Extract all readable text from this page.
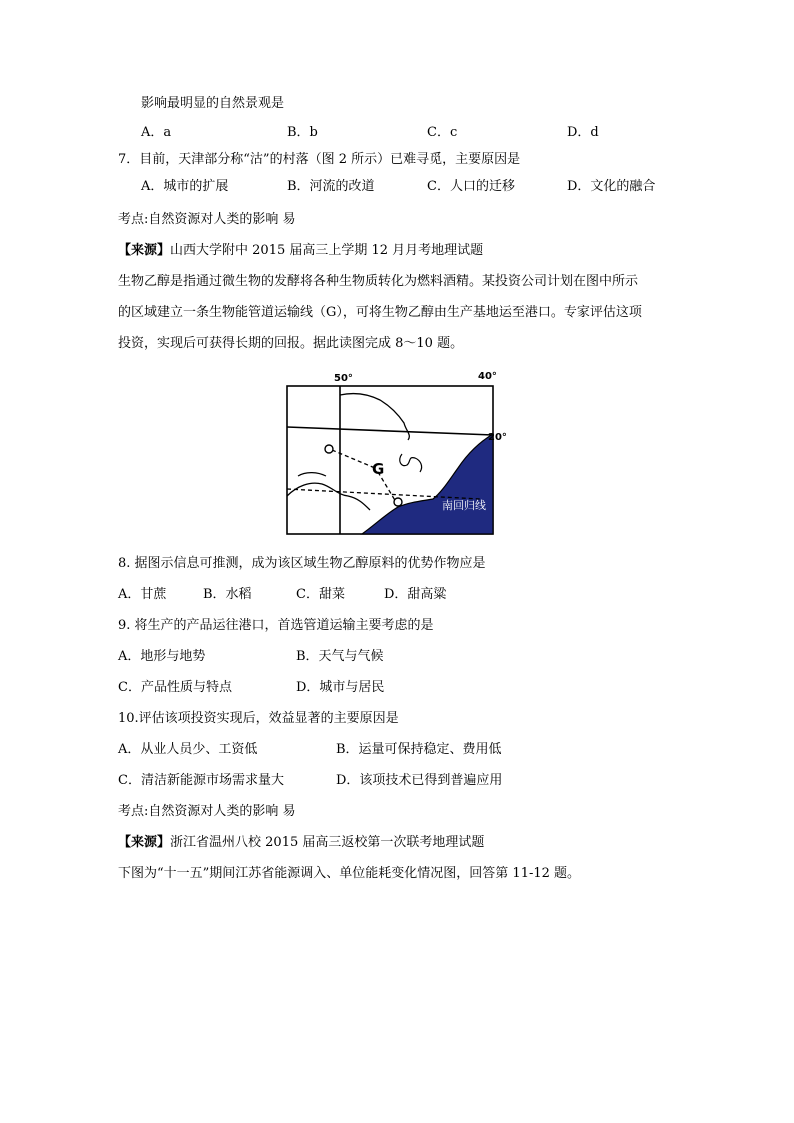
影响最明显的自然景观是
A．a	B．b	C．c	D．d
7．目前，天津部分称“沽”的村落（图 2 所示）已难寻觅，主要原因是
A．城市的扩展	B．河流的改道	C．人口的迁移	D．文化的融合
考点:自然资源对人类的影响 易
【来源】山西大学附中 2015 届高三上学期 12 月月考地理试题
生物乙醇是指通过微生物的发酵将各种生物质转化为燃料酒精。某投资公司计划在图中所示
的区域建立一条生物能管道运输线（G），可将生物乙醇由生产基地运至港口。专家评估这项
投资，实现后可获得长期的回报。据此读图完成 8～10 题。
50°	40°
20°
G
南回归线
8. 据图示信息可推测，成为该区域生物乙醇原料的优势作物应是
A．甘蔗	B．水稻	C．甜菜	D．甜高粱
9. 将生产的产品运往港口，首选管道运输主要考虑的是
A．地形与地势	B．天气与气候
C．产品性质与特点	D．城市与居民
10.评估该项投资实现后，效益显著的主要原因是
A．从业人员少、工资低	B．运量可保持稳定、费用低
C．清洁新能源市场需求量大	D．该项技术已得到普遍应用
考点:自然资源对人类的影响 易
【来源】浙江省温州八校 2015 届高三返校第一次联考地理试题
下图为“十一五”期间江苏省能源调入、单位能耗变化情况图，回答第 11-12 题。
